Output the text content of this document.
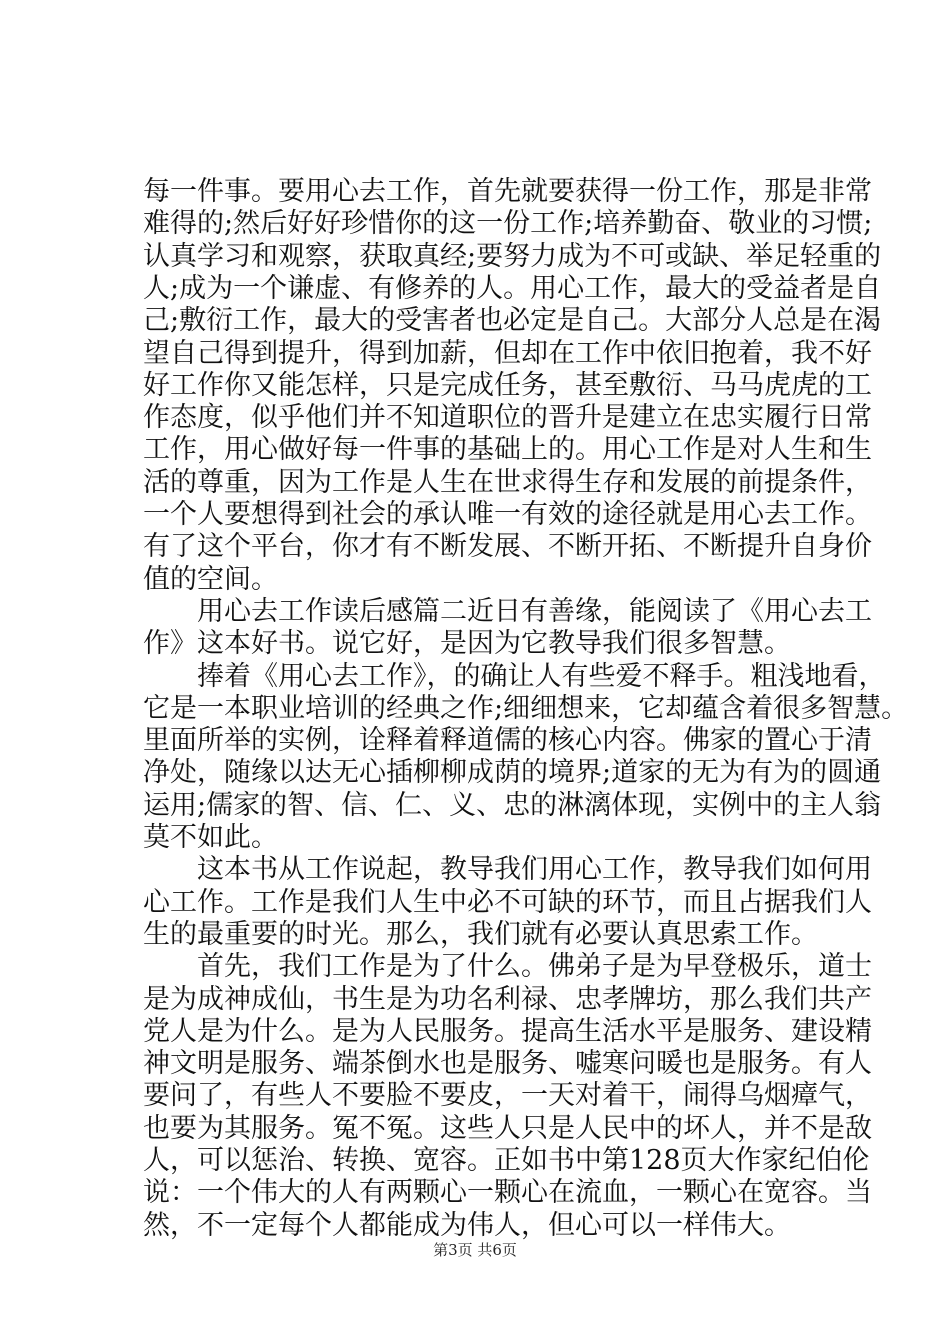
每一件事。要用心去工作，首先就要获得一份工作，那是非常
难得的;然后好好珍惜你的这一份工作;培养勤奋、敬业的习惯;
认真学习和观察，获取真经;要努力成为不可或缺、举足轻重的
人;成为一个谦虚、有修养的人。用心工作，最大的受益者是自
己;敷衍工作，最大的受害者也必定是自己。大部分人总是在渴
望自己得到提升，得到加薪，但却在工作中依旧抱着，我不好
好工作你又能怎样，只是完成任务，甚至敷衍、马马虎虎的工
作态度，似乎他们并不知道职位的晋升是建立在忠实履行日常
工作，用心做好每一件事的基础上的。用心工作是对人生和生
活的尊重，因为工作是人生在世求得生存和发展的前提条件，
一个人要想得到社会的承认唯一有效的途径就是用心去工作。
有了这个平台，你才有不断发展、不断开拓、不断提升自身价
值的空间。
　　用心去工作读后感篇二近日有善缘，能阅读了《用心去工
作》这本好书。说它好，是因为它教导我们很多智慧。
　　捧着《用心去工作》，的确让人有些爱不释手。粗浅地看，
它是一本职业培训的经典之作;细细想来，它却蕴含着很多智慧。
里面所举的实例，诠释着释道儒的核心内容。佛家的置心于清
净处，随缘以达无心插柳柳成荫的境界;道家的无为有为的圆通
运用;儒家的智、信、仁、义、忠的淋漓体现，实例中的主人翁
莫不如此。
　　这本书从工作说起，教导我们用心工作，教导我们如何用
心工作。工作是我们人生中必不可缺的环节，而且占据我们人
生的最重要的时光。那么，我们就有必要认真思索工作。
　　首先，我们工作是为了什么。佛弟子是为早登极乐，道士
是为成神成仙，书生是为功名利禄、忠孝牌坊，那么我们共产
党人是为什么。是为人民服务。提高生活水平是服务、建设精
神文明是服务、端茶倒水也是服务、嘘寒问暖也是服务。有人
要问了，有些人不要脸不要皮，一天对着干，闹得乌烟瘴气，
也要为其服务。冤不冤。这些人只是人民中的坏人，并不是敌
人，可以惩治、转换、宽容。正如书中第128页大作家纪伯伦
说：一个伟大的人有两颗心一颗心在流血，一颗心在宽容。当
然，不一定每个人都能成为伟人，但心可以一样伟大。
第3页 共6页
